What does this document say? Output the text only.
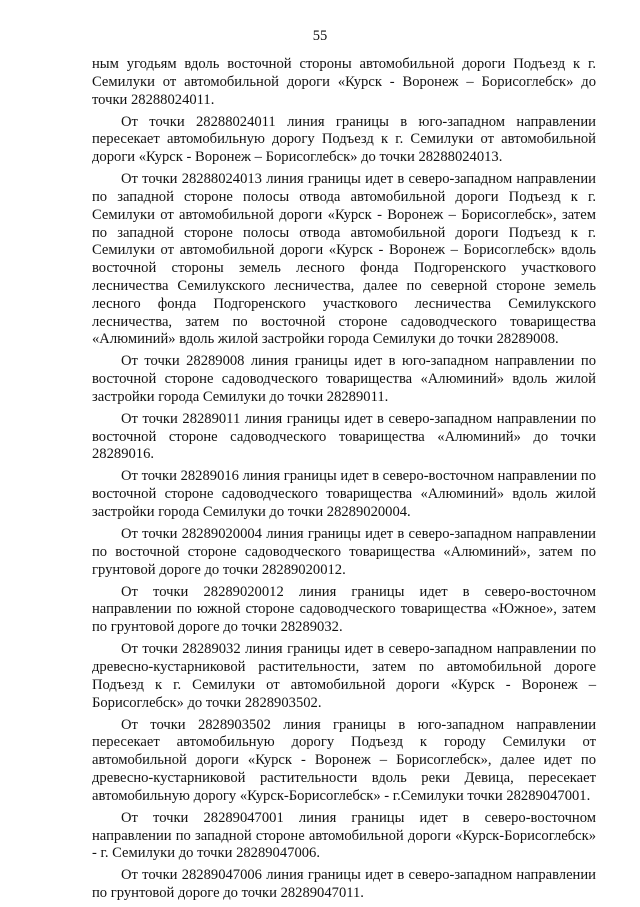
55

ным угодьям вдоль восточной стороны автомобильной дороги Подъезд к г. Семилуки от автомобильной дороги «Курск - Воронеж – Борисоглебск» до точки 28288024011.

От точки 28288024011 линия границы в юго-западном направлении пересекает автомобильную дорогу Подъезд к г. Семилуки от автомобильной дороги «Курск - Воронеж – Борисоглебск» до точки 28288024013.

От точки 28288024013 линия границы идет в северо-западном направлении по западной стороне полосы отвода автомобильной дороги Подъезд к г. Семилуки от автомобильной дороги «Курск - Воронеж – Борисоглебск», затем по западной стороне полосы отвода автомобильной дороги Подъезд к г. Семилуки от автомобильной дороги «Курск - Воронеж – Борисоглебск» вдоль восточной стороны земель лесного фонда Подгоренского участкового лесничества Семилукского лесничества, далее по северной стороне земель лесного фонда Подгоренского участкового лесничества Семилукского лесничества, затем по восточной стороне садоводческого товарищества «Алюминий» вдоль жилой застройки города Семилуки до точки 28289008.

От точки 28289008 линия границы идет в юго-западном направлении по восточной стороне садоводческого товарищества «Алюминий» вдоль жилой застройки города Семилуки до точки 28289011.

От точки 28289011 линия границы идет в северо-западном направлении по восточной стороне садоводческого товарищества «Алюминий» до точки 28289016.

От точки 28289016 линия границы идет в северо-восточном направлении по восточной стороне садоводческого товарищества «Алюминий» вдоль жилой застройки города Семилуки до точки 28289020004.

От точки 28289020004 линия границы идет в северо-западном направлении по восточной стороне садоводческого товарищества «Алюминий», затем по грунтовой дороге до точки 28289020012.

От точки 28289020012 линия границы идет в северо-восточном направлении по южной стороне садоводческого товарищества «Южное», затем по грунтовой дороге до точки 28289032.

От точки 28289032 линия границы идет в северо-западном направлении по древесно-кустарниковой растительности, затем по автомобильной дороге Подъезд к г. Семилуки от автомобильной дороги «Курск - Воронеж – Борисоглебск» до точки 2828903502.

От точки 2828903502 линия границы в юго-западном направлении пересекает автомобильную дорогу Подъезд к городу Семилуки от автомобильной дороги «Курск - Воронеж – Борисоглебск», далее идет по древесно-кустарниковой растительности вдоль реки Девица, пересекает автомобильную дорогу «Курск-Борисоглебск» - г.Семилуки точки 28289047001.

От точки 28289047001 линия границы идет в северо-восточном направлении по западной стороне автомобильной дороги «Курск-Борисоглебск» - г. Семилуки до точки 28289047006.

От точки 28289047006 линия границы идет в северо-западном направлении по грунтовой дороге до точки 28289047011.
